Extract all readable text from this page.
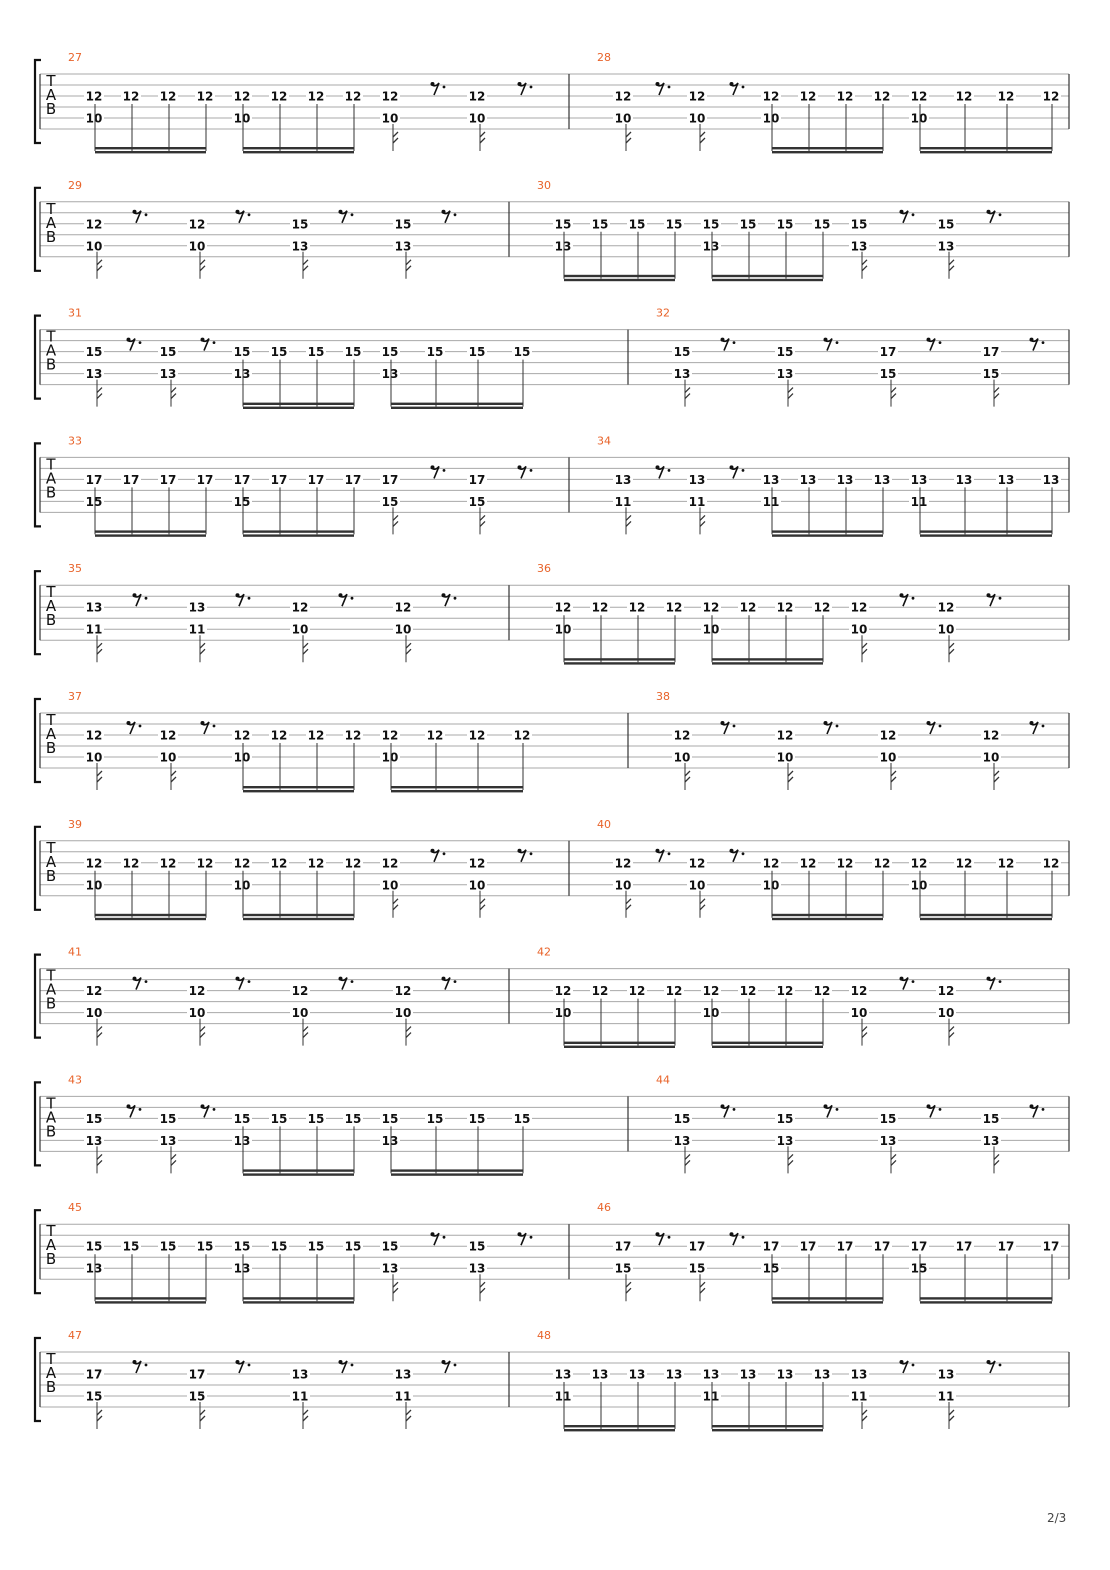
T
A
B
27
12
10
12 12 12 12
10
12 12 12 12
10
12
10
28
12
10
12
10
12
10
12 12 12 12
10
12 12 12
T
A
B
29
12
10
12
10
15
13
15
13
30
15
13
15 15 15 15
13
15 15 15 15
13
15
13
T
A
B
31
15
13
15
13
15
13
15 15 15 15
13
15 15 15
32
15
13
15
13
17
15
17
15
T
A
B
33
17
15
17 17 17 17
15
17 17 17 17
15
17
15
34
13
11
13
11
13
11
13 13 13 13
11
13 13 13
T
A
B
35
13
11
13
11
12
10
12
10
36
12
10
12 12 12 12
10
12 12 12 12
10
12
10
T
A
B
37
12
10
12
10
12
10
12 12 12 12
10
12 12 12
38
12
10
12
10
12
10
12
10
T
A
B
39
12
10
12 12 12 12
10
12 12 12 12
10
12
10
40
12
10
12
10
12
10
12 12 12 12
10
12 12 12
T
A
B
41
12
10
12
10
12
10
12
10
42
12
10
12 12 12 12
10
12 12 12 12
10
12
10
T
A
B
43
15
13
15
13
15
13
15 15 15 15
13
15 15 15
44
15
13
15
13
15
13
15
13
T
A
B
45
15
13
15 15 15 15
13
15 15 15 15
13
15
13
46
17
15
17
15
17
15
17 17 17 17
15
17 17 17
T
A
B
47
17
15
17
15
13
11
13
11
48
13
11
13 13 13 13
11
13 13 13 13
11
13
11
2/3
